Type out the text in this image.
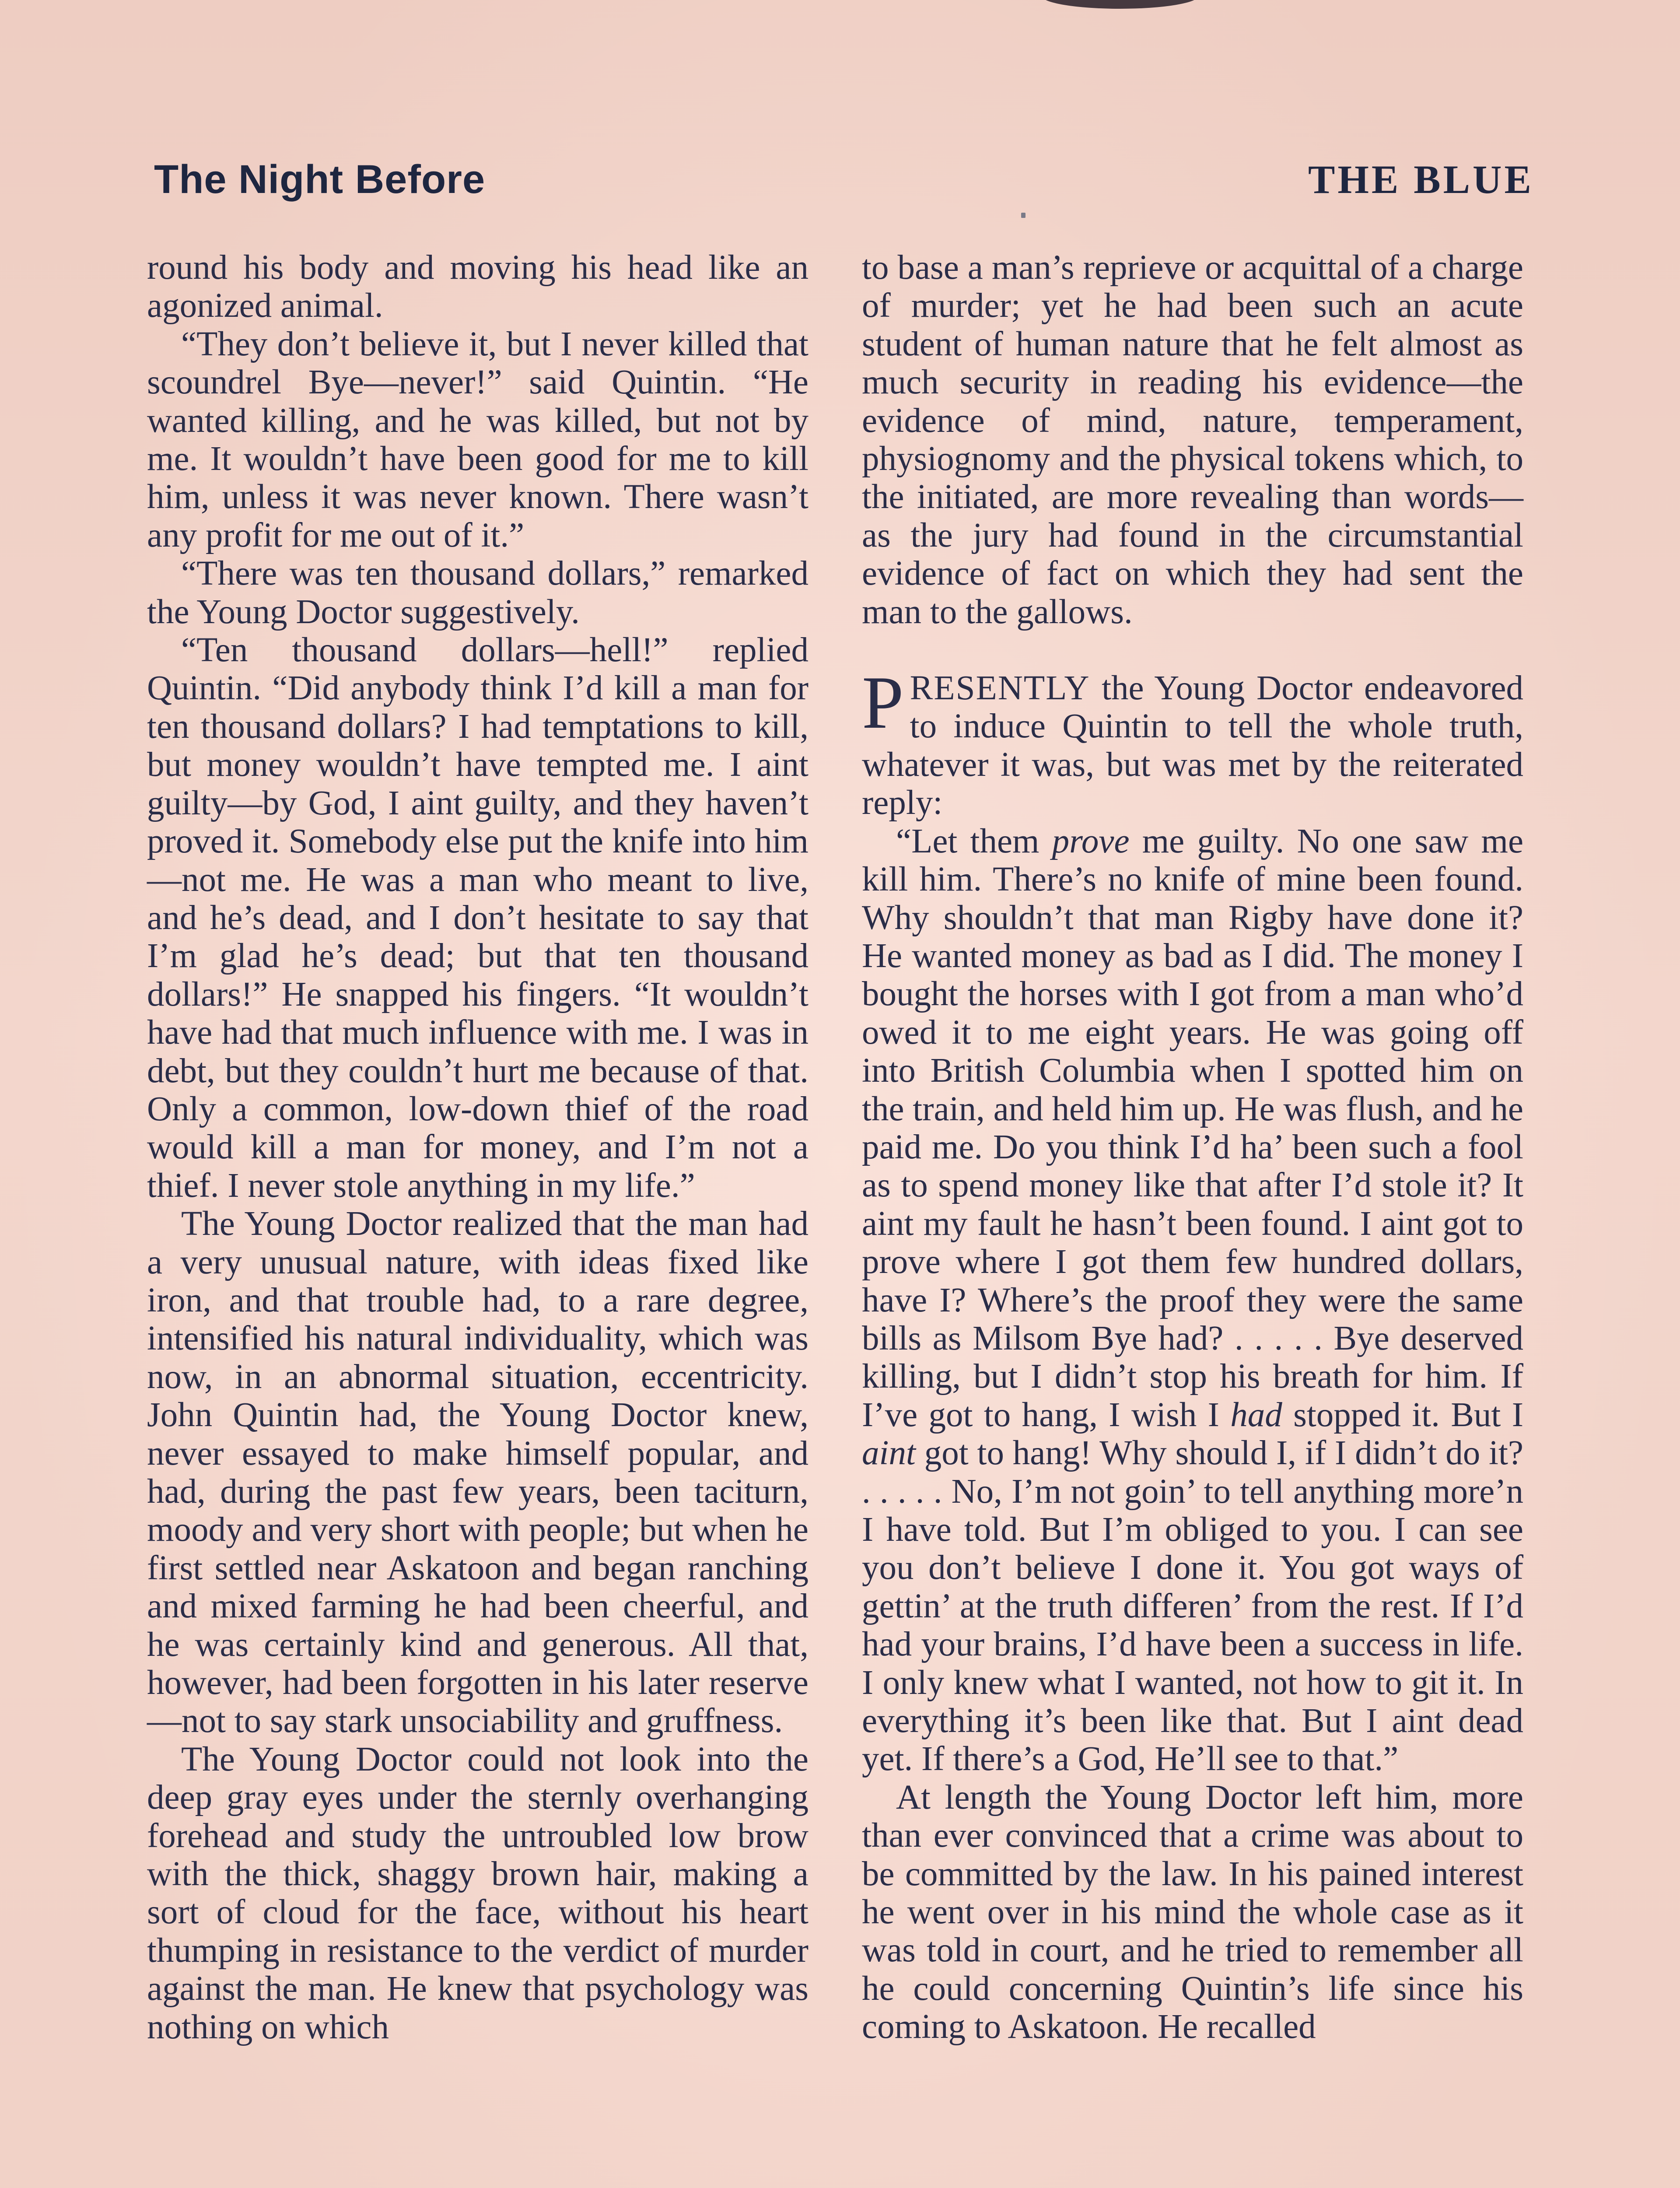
The Night Before	THE BLUE

round his body and moving his head like an agonized animal.

“They don’t believe it, but I never killed that scoundrel Bye—never!” said Quintin. “He wanted killing, and he was killed, but not by me. It wouldn’t have been good for me to kill him, unless it was never known. There wasn’t any profit for me out of it.”

“There was ten thousand dollars,” remarked the Young Doctor suggestively.

“Ten thousand dollars—hell!” replied Quintin. “Did anybody think I’d kill a man for ten thousand dollars? I had temptations to kill, but money wouldn’t have tempted me. I aint guilty—by God, I aint guilty, and they haven’t proved it. Somebody else put the knife into him—not me. He was a man who meant to live, and he’s dead, and I don’t hesitate to say that I’m glad he’s dead; but that ten thousand dollars!” He snapped his fingers. “It wouldn’t have had that much influence with me. I was in debt, but they couldn’t hurt me because of that. Only a common, low-down thief of the road would kill a man for money, and I’m not a thief. I never stole anything in my life.”

The Young Doctor realized that the man had a very unusual nature, with ideas fixed like iron, and that trouble had, to a rare degree, intensified his natural individuality, which was now, in an abnormal situation, eccentricity. John Quintin had, the Young Doctor knew, never essayed to make himself popular, and had, during the past few years, been taciturn, moody and very short with people; but when he first settled near Askatoon and began ranching and mixed farming he had been cheerful, and he was certainly kind and generous. All that, however, had been forgotten in his later reserve—not to say stark unsociability and gruffness.

The Young Doctor could not look into the deep gray eyes under the sternly overhanging forehead and study the untroubled low brow with the thick, shaggy brown hair, making a sort of cloud for the face, without his heart thumping in resistance to the verdict of murder against the man. He knew that psychology was nothing on which

to base a man’s reprieve or acquittal of a charge of murder; yet he had been such an acute student of human nature that he felt almost as much security in reading his evidence—the evidence of mind, nature, temperament, physiognomy and the physical tokens which, to the initiated, are more revealing than words—as the jury had found in the circumstantial evidence of fact on which they had sent the man to the gallows.

PRESENTLY the Young Doctor endeavored to induce Quintin to tell the whole truth, whatever it was, but was met by the reiterated reply:

“Let them prove me guilty. No one saw me kill him. There’s no knife of mine been found. Why shouldn’t that man Rigby have done it? He wanted money as bad as I did. The money I bought the horses with I got from a man who’d owed it to me eight years. He was going off into British Columbia when I spotted him on the train, and held him up. He was flush, and he paid me. Do you think I’d ha’ been such a fool as to spend money like that after I’d stole it? It aint my fault he hasn’t been found. I aint got to prove where I got them few hundred dollars, have I? Where’s the proof they were the same bills as Milsom Bye had? . . . . . Bye deserved killing, but I didn’t stop his breath for him. If I’ve got to hang, I wish I had stopped it. But I aint got to hang! Why should I, if I didn’t do it? . . . . . No, I’m not goin’ to tell anything more’n I have told. But I’m obliged to you. I can see you don’t believe I done it. You got ways of gettin’ at the truth differen’ from the rest. If I’d had your brains, I’d have been a success in life. I only knew what I wanted, not how to git it. In everything it’s been like that. But I aint dead yet. If there’s a God, He’ll see to that.”

At length the Young Doctor left him, more than ever convinced that a crime was about to be committed by the law. In his pained interest he went over in his mind the whole case as it was told in court, and he tried to remember all he could concerning Quintin’s life since his coming to Askatoon. He recalled
